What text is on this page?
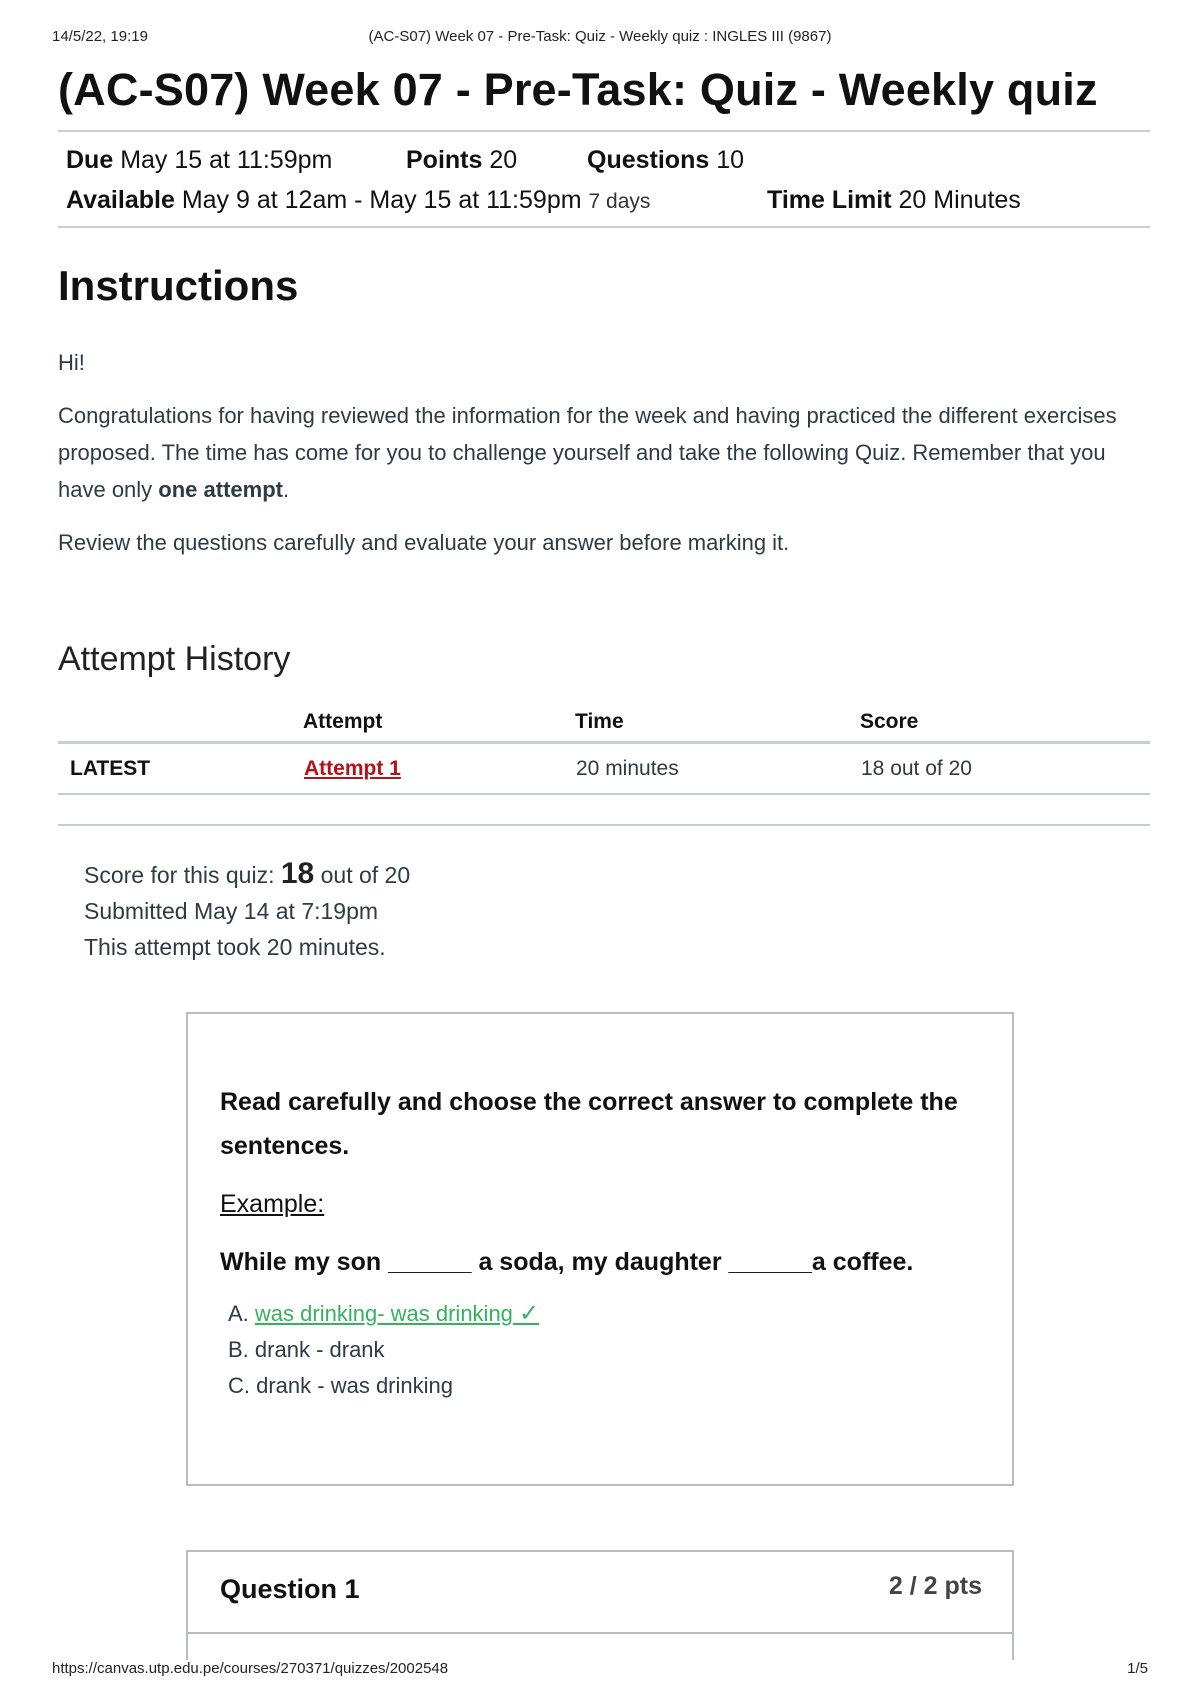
14/5/22, 19:19	(AC-S07) Week 07 - Pre-Task: Quiz - Weekly quiz : INGLES III (9867)
(AC-S07) Week 07 - Pre-Task: Quiz - Weekly quiz
Due May 15 at 11:59pm	Points 20	Questions 10
Available May 9 at 12am - May 15 at 11:59pm 7 days	Time Limit 20 Minutes
Instructions

Hi!

Congratulations for having reviewed the information for the week and having practiced the different exercises proposed. The time has come for you to challenge yourself and take the following Quiz. Remember that you have only one attempt.

Review the questions carefully and evaluate your answer before marking it.

Attempt History
	Attempt	Time	Score
LATEST	Attempt 1	20 minutes	18 out of 20
Score for this quiz: 18 out of 20
Submitted May 14 at 7:19pm
This attempt took 20 minutes.
Read carefully and choose the correct answer to complete the sentences.
Example:
While my son ______ a soda, my daughter ______a coffee.
A. was drinking- was drinking ✓
B. drank - drank
C. drank - was drinking
Question 1	2 / 2 pts
https://canvas.utp.edu.pe/courses/270371/quizzes/2002548	1/5
